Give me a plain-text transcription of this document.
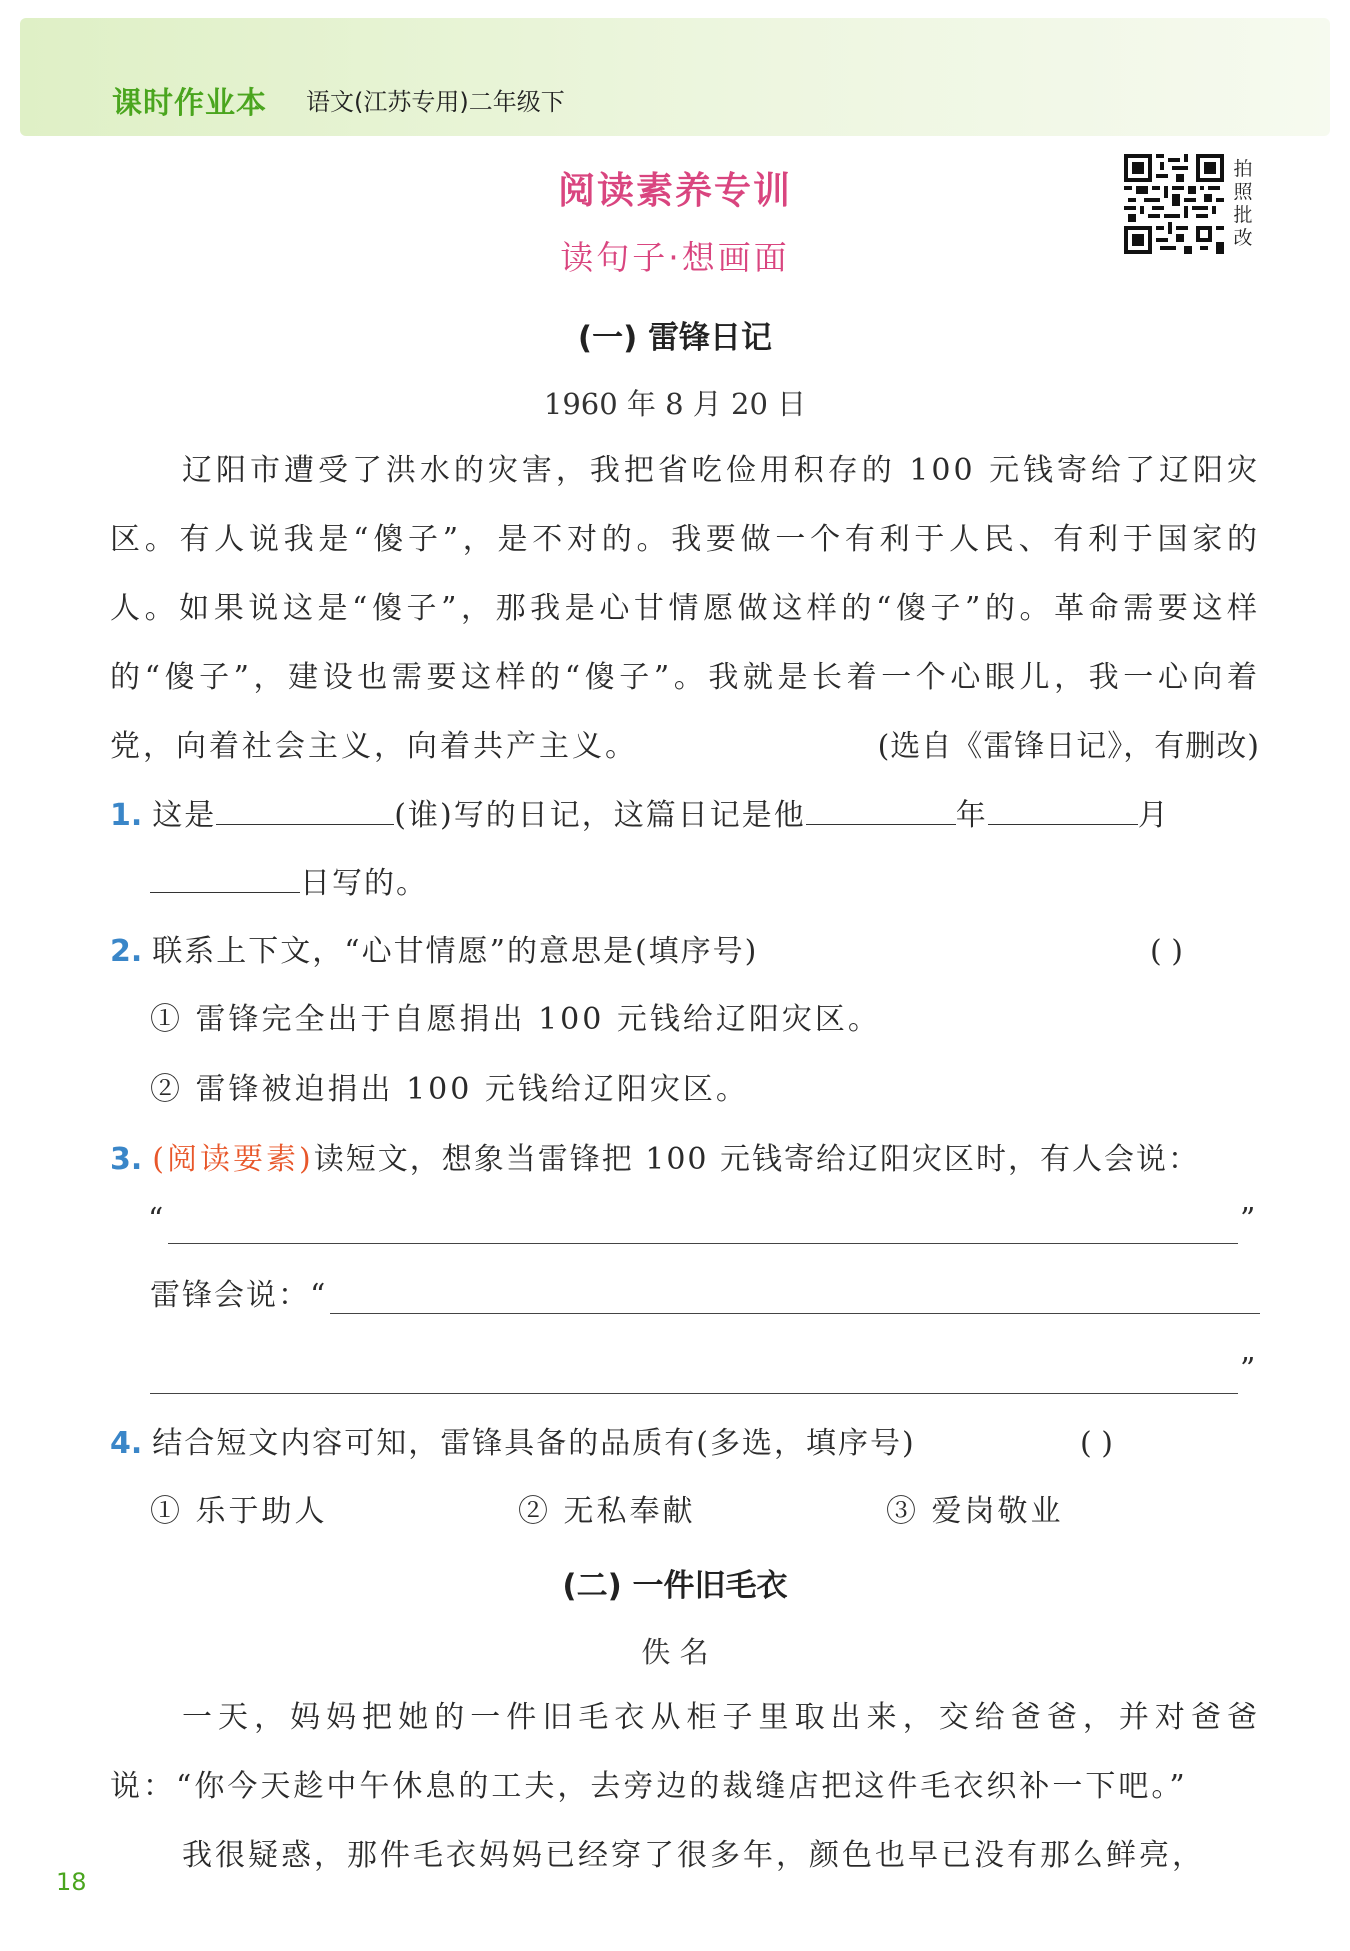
课时作业本 语文(江苏专用)二年级下
阅读素养专训
读句子·想画面
拍
照
批
改
(一) 雷锋日记
1960 年 8 月 20 日

辽阳市遭受了洪水的灾害，我把省吃俭用积存的 100 元钱寄给了辽阳灾区。有人说我是“傻子”，是不对的。我要做一个有利于人民、有利于国家的人。如果说这是“傻子”，那我是心甘情愿做这样的“傻子”的。革命需要这样的“傻子”，建设也需要这样的“傻子”。我就是长着一个心眼儿，我一心向着党，向着社会主义，向着共产主义。	(选自《雷锋日记》，有删改)

1. 这是	(谁)写的日记，这篇日记是他	年	月
日写的。
2. 联系上下文，“心甘情愿”的意思是(填序号)	( )
① 雷锋完全出于自愿捐出 100 元钱给辽阳灾区。
② 雷锋被迫捐出 100 元钱给辽阳灾区。
3. (阅读要素)读短文，想象当雷锋把 100 元钱寄给辽阳灾区时，有人会说：
“	”
雷锋会说：“
”
4. 结合短文内容可知，雷锋具备的品质有(多选，填序号)	( )
① 乐于助人	② 无私奉献	③ 爱岗敬业
(二) 一件旧毛衣
佚 名

一天，妈妈把她的一件旧毛衣从柜子里取出来，交给爸爸，并对爸爸说：“你今天趁中午休息的工夫，去旁边的裁缝店把这件毛衣织补一下吧。”

我很疑惑，那件毛衣妈妈已经穿了很多年，颜色也早已没有那么鲜亮，

18
